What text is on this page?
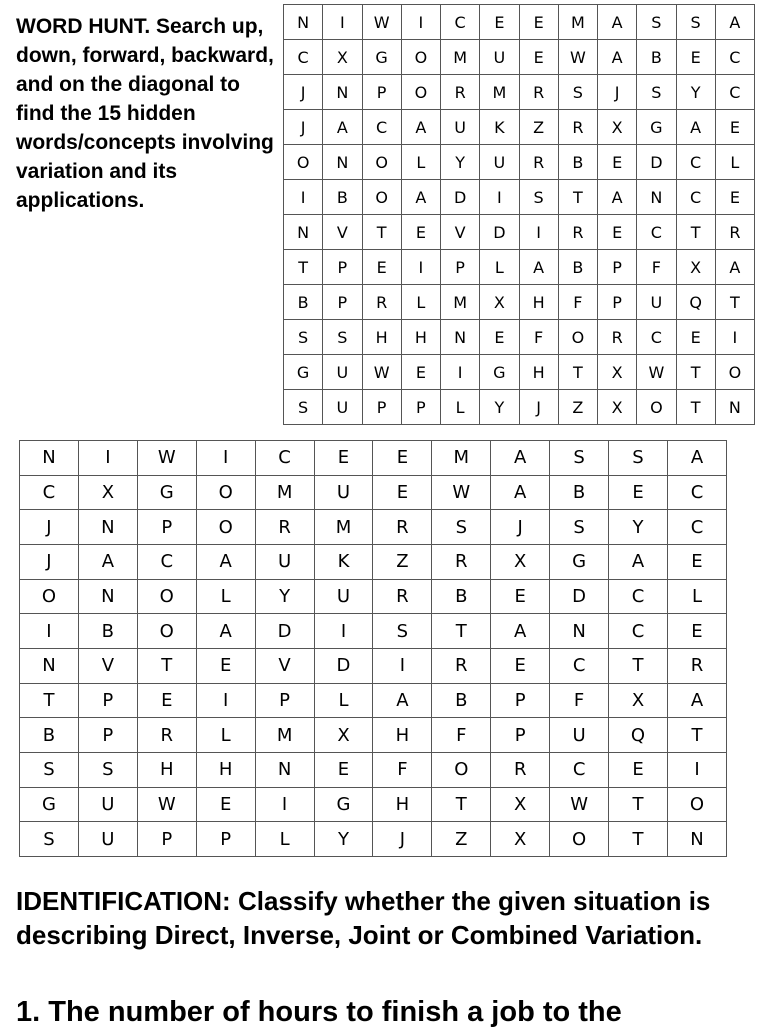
WORD HUNT. Search up, down, forward, backward, and on the diagonal to find the 15 hidden words/concepts involving variation and its applications.

N	I	W	I	C	E	E	M	A	S	S	A
C	X	G	O	M	U	E	W	A	B	E	C
J	N	P	O	R	M	R	S	J	S	Y	C
J	A	C	A	U	K	Z	R	X	G	A	E
O	N	O	L	Y	U	R	B	E	D	C	L
I	B	O	A	D	I	S	T	A	N	C	E
N	V	T	E	V	D	I	R	E	C	T	R
T	P	E	I	P	L	A	B	P	F	X	A
B	P	R	L	M	X	H	F	P	U	Q	T
S	S	H	H	N	E	F	O	R	C	E	I
G	U	W	E	I	G	H	T	X	W	T	O
S	U	P	P	L	Y	J	Z	X	O	T	N
N	I	W	I	C	E	E	M	A	S	S	A
C	X	G	O	M	U	E	W	A	B	E	C
J	N	P	O	R	M	R	S	J	S	Y	C
J	A	C	A	U	K	Z	R	X	G	A	E
O	N	O	L	Y	U	R	B	E	D	C	L
I	B	O	A	D	I	S	T	A	N	C	E
N	V	T	E	V	D	I	R	E	C	T	R
T	P	E	I	P	L	A	B	P	F	X	A
B	P	R	L	M	X	H	F	P	U	Q	T
S	S	H	H	N	E	F	O	R	C	E	I
G	U	W	E	I	G	H	T	X	W	T	O
S	U	P	P	L	Y	J	Z	X	O	T	N

IDENTIFICATION: Classify whether the given situation is describing Direct, Inverse, Joint or Combined Variation.

1. The number of hours to finish a job to the
